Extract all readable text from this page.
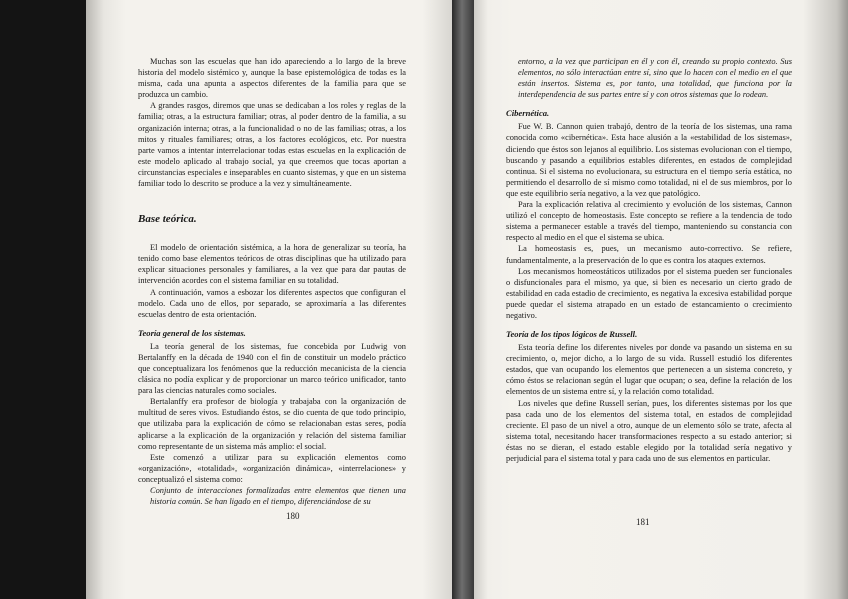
Muchas son las escuelas que han ido apareciendo a lo largo de la breve historia del modelo sistémico y, aunque la base epistemológica de todas es la misma, cada una apunta a aspectos diferentes de la familia para que se produzca un cambio.

A grandes rasgos, diremos que unas se dedicaban a los roles y reglas de la familia; otras, a la estructura familiar; otras, al poder dentro de la familia, a su organización interna; otras, a la funcionalidad o no de las familias; otras, a los mitos y rituales familiares; otras, a los factores ecológicos, etc. Por nuestra parte vamos a intentar interrelacionar todas estas escuelas en la explicación de este modelo aplicado al trabajo social, ya que creemos que tocas aportan a circunstancias especiales e inseparables en cuanto sistemas, y que en un sistema familiar todo lo descrito se produce a la vez y simultáneamente.

Base teórica.

El modelo de orientación sistémica, a la hora de generalizar su teoría, ha tenido como base elementos teóricos de otras disciplinas que ha utilizado para explicar situaciones personales y familiares, a la vez que para dar pautas de intervención acordes con el sistema familiar en su totalidad.

A continuación, vamos a esbozar los diferentes aspectos que configuran el modelo. Cada uno de ellos, por separado, se aproximaría a las diferentes escuelas dentro de esta orientación.

Teoría general de los sistemas.

La teoría general de los sistemas, fue concebida por Ludwig von Bertalanffy en la década de 1940 con el fin de constituir un modelo práctico que conceptualizara los fenómenos que la reducción mecanicista de la ciencia clásica no podía explicar y de proporcionar un marco teórico unificador, tanto para las ciencias naturales como sociales.

Bertalanffy era profesor de biología y trabajaba con la organización de multitud de seres vivos. Estudiando éstos, se dio cuenta de que todo principio, que utilizaba para la explicación de cómo se relacionaban estas seres, podía aplicarse a la explicación de la organización y relación del sistema familiar como representante de un sistema más amplio: el social.

Este comenzó a utilizar para su explicación elementos como «organización», «totalidad», «organización dinámica», «interrelaciones» y conceptualizó el sistema como:

Conjunto de interacciones formalizadas entre elementos que tienen una historia común. Se han ligado en el tiempo, diferenciándose de su

180

entorno, a la vez que participan en él y con él, creando su propio contexto. Sus elementos, no sólo interactúan entre sí, sino que lo hacen con el medio en el que están insertos. Sistema es, por tanto, una totalidad, que funciona por la interdependencia de sus partes entre sí y con otros sistemas que lo rodean.

Cibernética.

Fue W. B. Cannon quien trabajó, dentro de la teoría de los sistemas, una rama conocida como «cibernética». Esta hace alusión a la «estabilidad de los sistemas», diciendo que éstos son lejanos al equilibrio. Los sistemas evolucionan con el tiempo, buscando y pasando a equilibrios estables diferentes, en estados de complejidad continua. Si el sistema no evolucionara, su estructura en el tiempo sería estática, no permitiendo el desarrollo de sí mismo como totalidad, ni el de sus miembros, por lo que este equilibrio sería negativo, a la vez que patológico.

Para la explicación relativa al crecimiento y evolución de los sistemas, Cannon utilizó el concepto de homeostasis. Este concepto se refiere a la tendencia de todo sistema a permanecer estable a través del tiempo, manteniendo su constancia con respecto al medio en el que el sistema se ubica.

La homeostasis es, pues, un mecanismo auto-correctivo. Se refiere, fundamentalmente, a la preservación de lo que es contra los ataques externos.

Los mecanismos homeostáticos utilizados por el sistema pueden ser funcionales o disfuncionales para el mismo, ya que, si bien es necesario un cierto grado de estabilidad en cada estadio de crecimiento, es negativa la excesiva estabilidad porque puede quedar el sistema atrapado en un estado de estancamiento o crecimiento negativo.

Teoría de los tipos lógicos de Russell.

Esta teoría define los diferentes niveles por donde va pasando un sistema en su crecimiento, o, mejor dicho, a lo largo de su vida. Russell estudió los diferentes estados, que van ocupando los elementos que pertenecen a un sistema concreto, y cómo éstos se relacionan según el lugar que ocupan; o sea, define la relación de los elementos de un sistema entre sí, y la relación como totalidad.

Los niveles que define Russell serían, pues, los diferentes sistemas por los que pasa cada uno de los elementos del sistema total, en estados de complejidad creciente. El paso de un nivel a otro, aunque de un elemento sólo se trate, afecta al sistema total, necesitando hacer transformaciones respecto a su estado anterior; si éstas no se dieran, el estado estable elegido por la totalidad sería negativo y perjudicial para el sistema total y para cada uno de sus elementos en particular.

181
